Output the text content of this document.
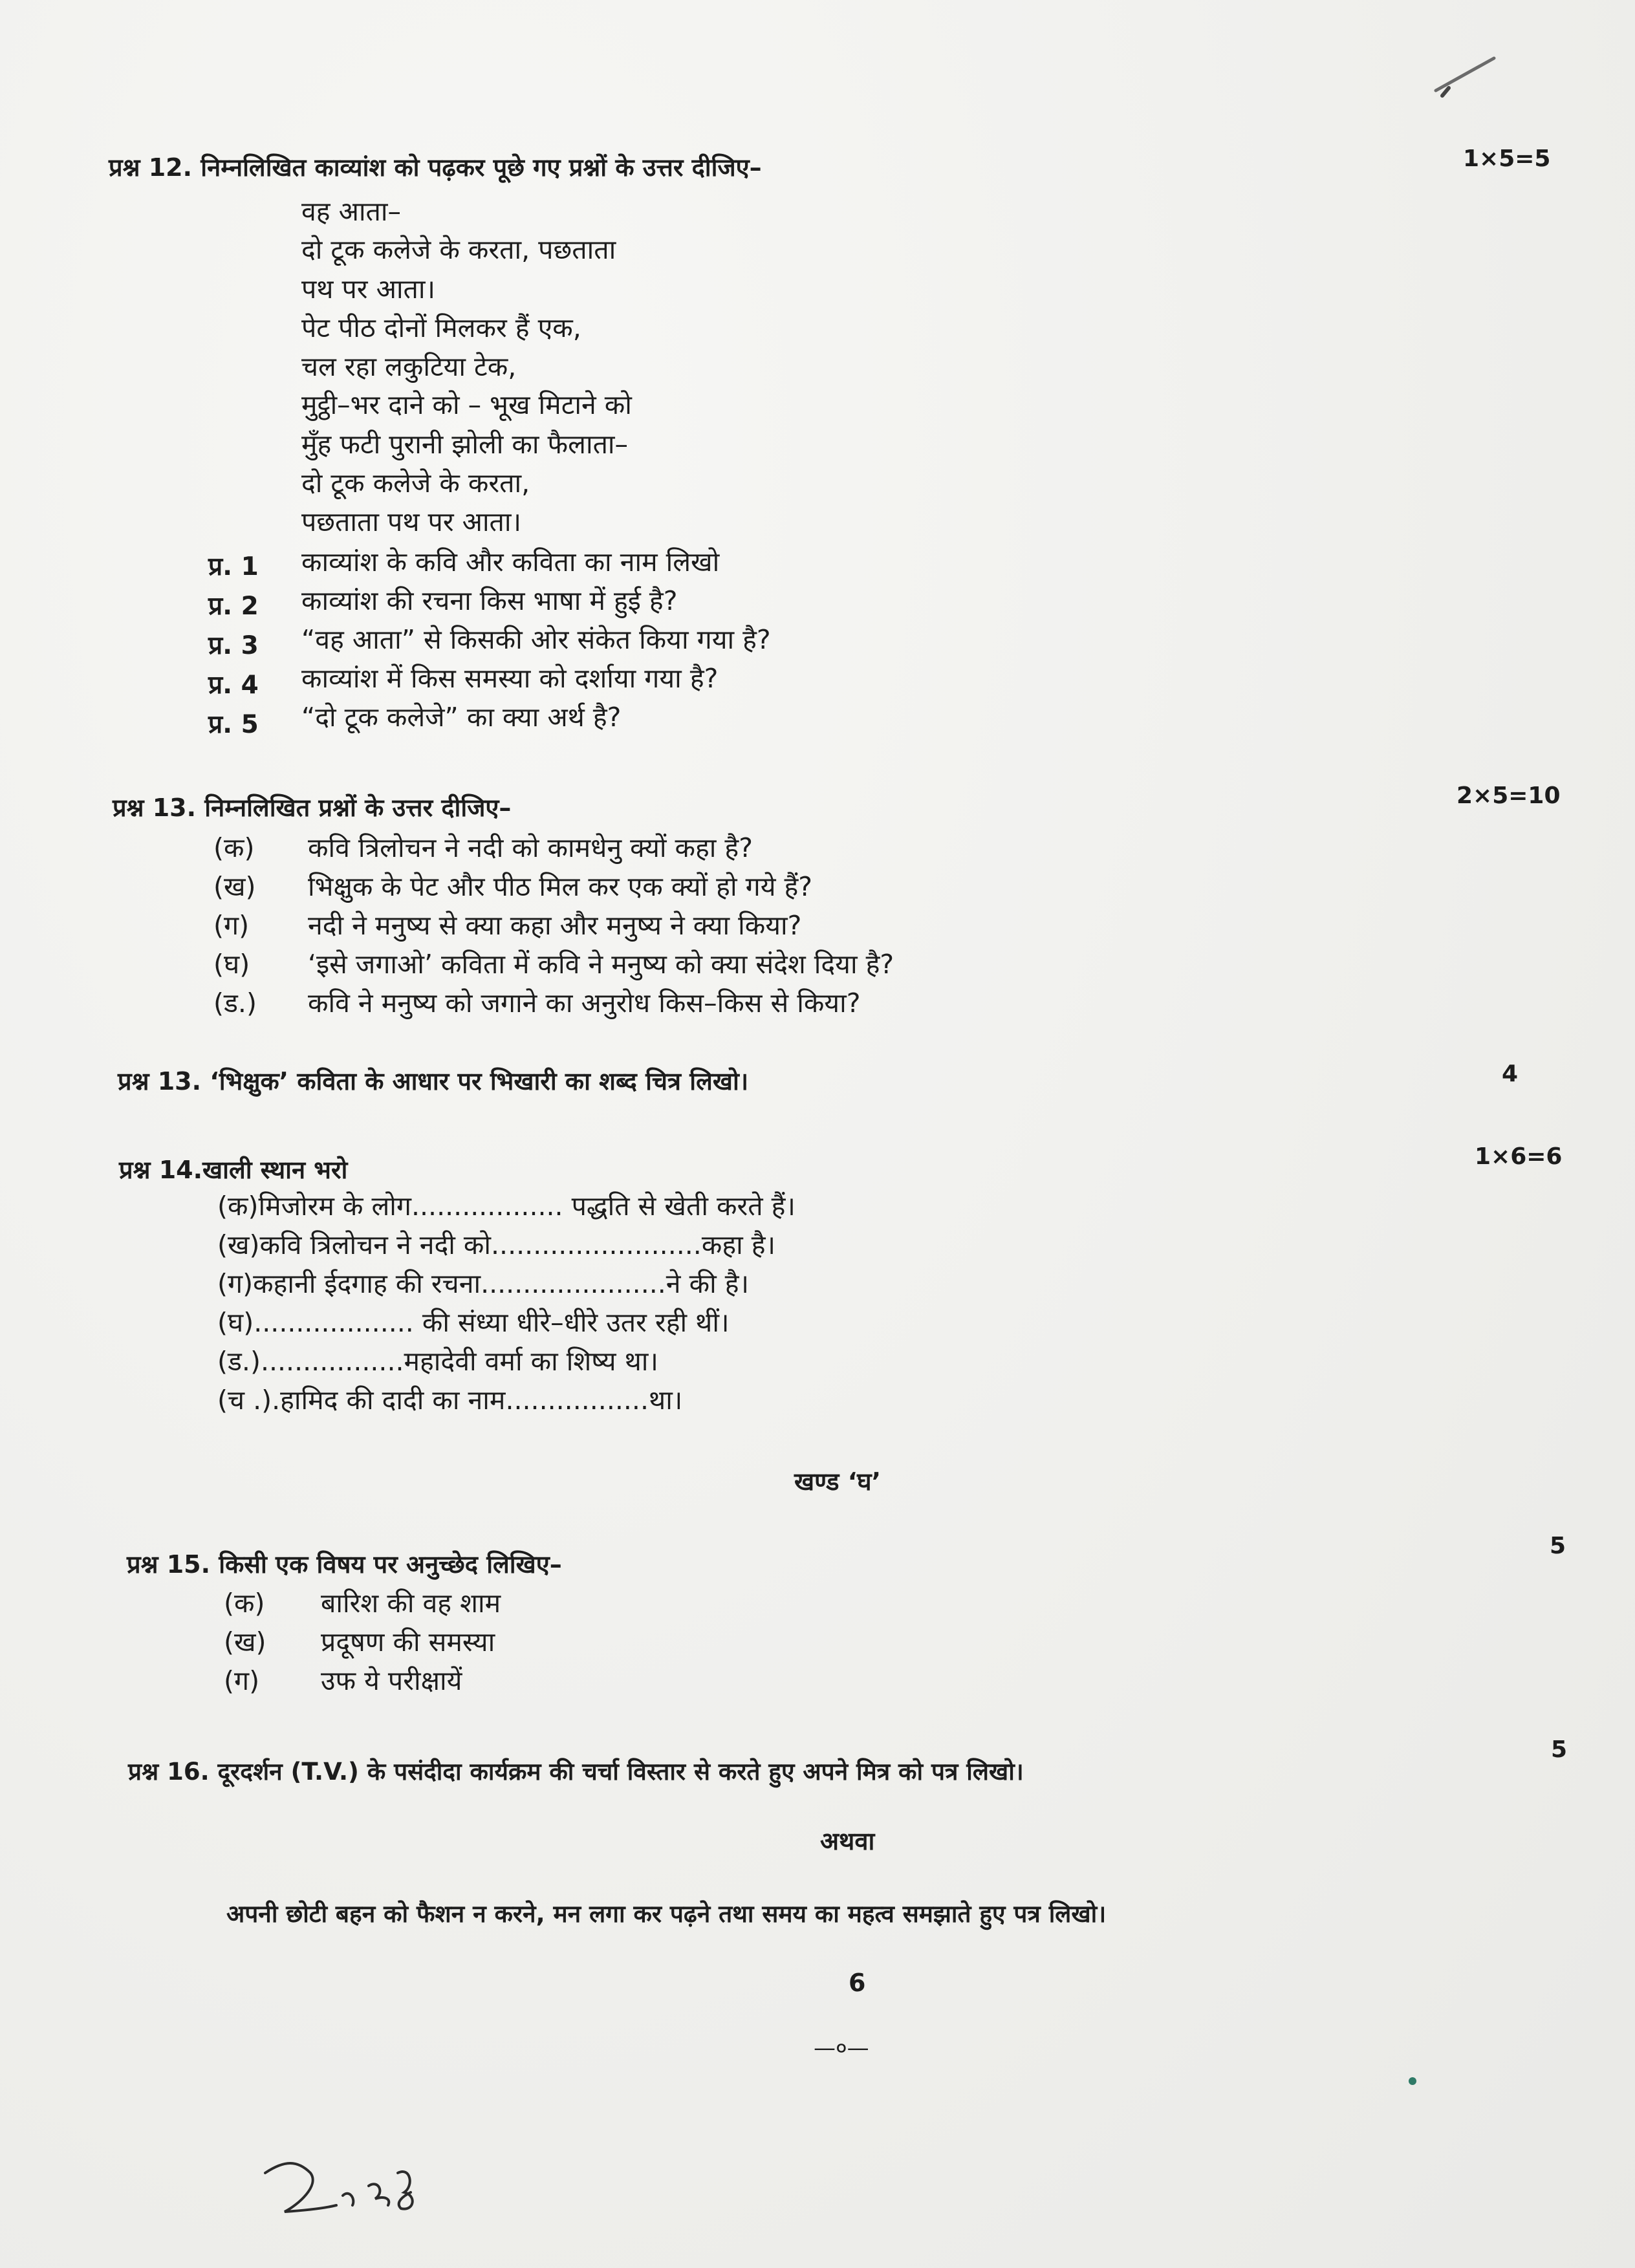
प्रश्न 12. निम्नलिखित काव्यांश को पढ़कर पूछे गए प्रश्नों के उत्तर दीजिए–	1×5=5
वह आता–
दो टूक कलेजे के करता, पछताता
पथ पर आता।
पेट पीठ दोनों मिलकर हैं एक,
चल रहा लकुटिया टेक,
मुट्ठी–भर दाने को – भूख मिटाने को
मुँह फटी पुरानी झोली का फैलाता–
दो टूक कलेजे के करता,
पछताता पथ पर आता।
प्र. 1 काव्यांश के कवि और कविता का नाम लिखो
प्र. 2 काव्यांश की रचना किस भाषा में हुई है?
प्र. 3 “वह आता” से किसकी ओर संकेत किया गया है?
प्र. 4 काव्यांश में किस समस्या को दर्शाया गया है?
प्र. 5 “दो टूक कलेजे” का क्या अर्थ है?
प्रश्न 13. निम्नलिखित प्रश्नों के उत्तर दीजिए–	2×5=10
(क) कवि त्रिलोचन ने नदी को कामधेनु क्यों कहा है?
(ख) भिक्षुक के पेट और पीठ मिल कर एक क्यों हो गये हैं?
(ग) नदी ने मनुष्य से क्या कहा और मनुष्य ने क्या किया?
(घ) ‘इसे जगाओ’ कविता में कवि ने मनुष्य को क्या संदेश दिया है?
(ड.) कवि ने मनुष्य को जगाने का अनुरोध किस–किस से किया?
प्रश्न 13. ‘भिक्षुक’ कविता के आधार पर भिखारी का शब्द चित्र लिखो।	4
प्रश्न 14.खाली स्थान भरो	1×6=6
(क)मिजोरम के लोग.................. पद्धति से खेती करते हैं।
(ख)कवि त्रिलोचन ने नदी को.........................कहा है।
(ग)कहानी ईदगाह की रचना......................ने की है।
(घ)................... की संध्या धीरे–धीरे उतर रही थीं।
(ड.).................महादेवी वर्मा का शिष्य था।
(च .).हामिद की दादी का नाम.................था।
खण्ड ‘घ’
प्रश्न 15. किसी एक विषय पर अनुच्छेद लिखिए–
5
(क) बारिश की वह शाम
(ख) प्रदूषण की समस्या
(ग) उफ ये परीक्षायें
प्रश्न 16. दूरदर्शन (T.V.) के पसंदीदा कार्यक्रम की चर्चा विस्तार से करते हुए अपने मित्र को पत्र लिखो।
5
अथवा
अपनी छोटी बहन को फैशन न करने, मन लगा कर पढ़ने तथा समय का महत्व समझाते हुए पत्र लिखो।
6
—०—
